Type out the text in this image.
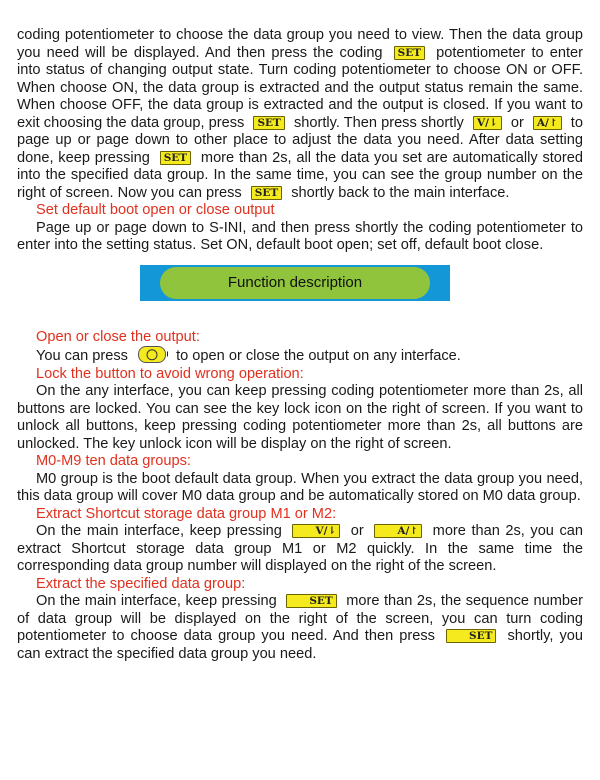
coding potentiometer to choose the data group you need to view. Then the data group you need will be displayed. And then press the coding SET potentiometer to enter into status of changing output state. Turn coding potentiometer to choose ON or OFF. When choose ON, the data group is extracted and the output status remain the same. When choose OFF, the data group is extracted and the output is closed. If you want to exit choosing the data group, press SET shortly. Then press shortly V/⇂ or A/↾ to page up or page down to other place to adjust the data you need. After data setting done, keep pressing SET more than 2s, all the data you set are automatically stored into the specified data group. In the same time, you can see the group number on the right of screen. Now you can press SET shortly back to the main interface.

Set default boot open or close output

Page up or page down to S-INI, and then press shortly the coding potentiometer to enter into the setting status. Set ON, default boot open; set off, default boot close.

Function description

Open or close the output:

You can press I	to open or close the output on any interface.

Lock the button to avoid wrong operation:

On the any interface, you can keep pressing coding potentiometer more than 2s, all buttons are locked. You can see the key lock icon on the right of screen. If you want to unlock all buttons, keep pressing coding potentiometer more than 2s, all buttons are unlocked. The key unlock icon will be display on the right of screen.

M0-M9 ten data groups:

M0 group is the boot default data group. When you extract the data group you need, this data group will cover M0 data group and be automatically stored on M0 data group.

Extract Shortcut storage data group M1 or M2:

On the main interface, keep pressing	V/⇂ or	A/↾ more than 2s, you can extract Shortcut storage data group M1 or M2 quickly. In the same time the corresponding data group number will displayed on the right of the screen.

Extract the specified data group:

On the main interface, keep pressing	SET more than 2s, the sequence number of data group will be displayed on the right of the screen, you can turn coding potentiometer to choose data group you need. And then press	SET shortly, you can extract the specified data group you need.
